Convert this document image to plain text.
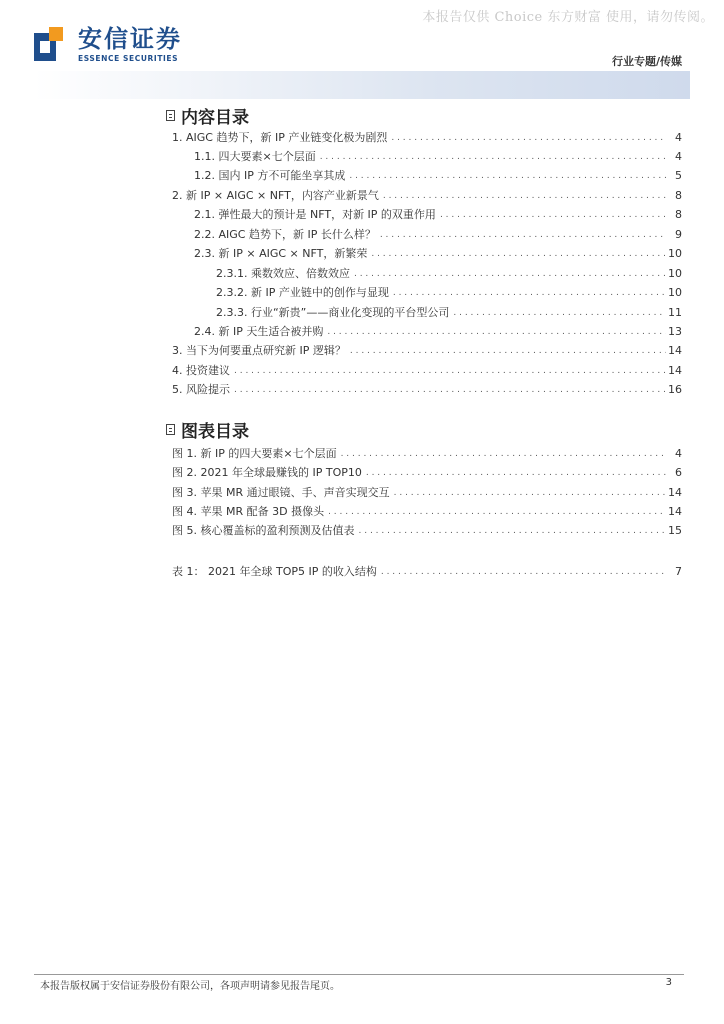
本报告仅供 Choice 东方财富 使用，请勿传阅。
安信证券
ESSENCE SECURITIES	行业专题/传媒
内容目录
1. AIGC 趋势下，新 IP 产业链变化极为剧烈 . . .	4
1.1. 四大要素×七个层面 . . .	4
1.2. 国内 IP 方不可能坐享其成 . . .	5
2. 新 IP × AIGC × NFT，内容产业新景气 . . .	8
2.1. 弹性最大的预计是 NFT，对新 IP 的双重作用 . . .	8
2.2. AIGC 趋势下，新 IP 长什么样？ . . .	9
2.3. 新 IP × AIGC × NFT，新繁荣 . . .	10
2.3.1. 乘数效应、倍数效应 . . .	10
2.3.2. 新 IP 产业链中的创作与显现 . . .	10
2.3.3. 行业“新贵”——商业化变现的平台型公司 . . .	11
2.4. 新 IP 天生适合被并购 . . .	13
3. 当下为何要重点研究新 IP 逻辑？ . . .	14
4. 投资建议 . . .	14
5. 风险提示 . . .	16
图表目录
图 1. 新 IP 的四大要素×七个层面 . . .	4
图 2. 2021 年全球最赚钱的 IP TOP10 . . .	6
图 3. 苹果 MR 通过眼镜、手、声音实现交互 . . .	14
图 4. 苹果 MR 配备 3D 摄像头 . . .	14
图 5. 核心覆盖标的盈利预测及估值表 . . .	15
表 1： 2021 年全球 TOP5 IP 的收入结构 . . .	7
本报告版权属于安信证券股份有限公司，各项声明请参见报告尾页。	3
